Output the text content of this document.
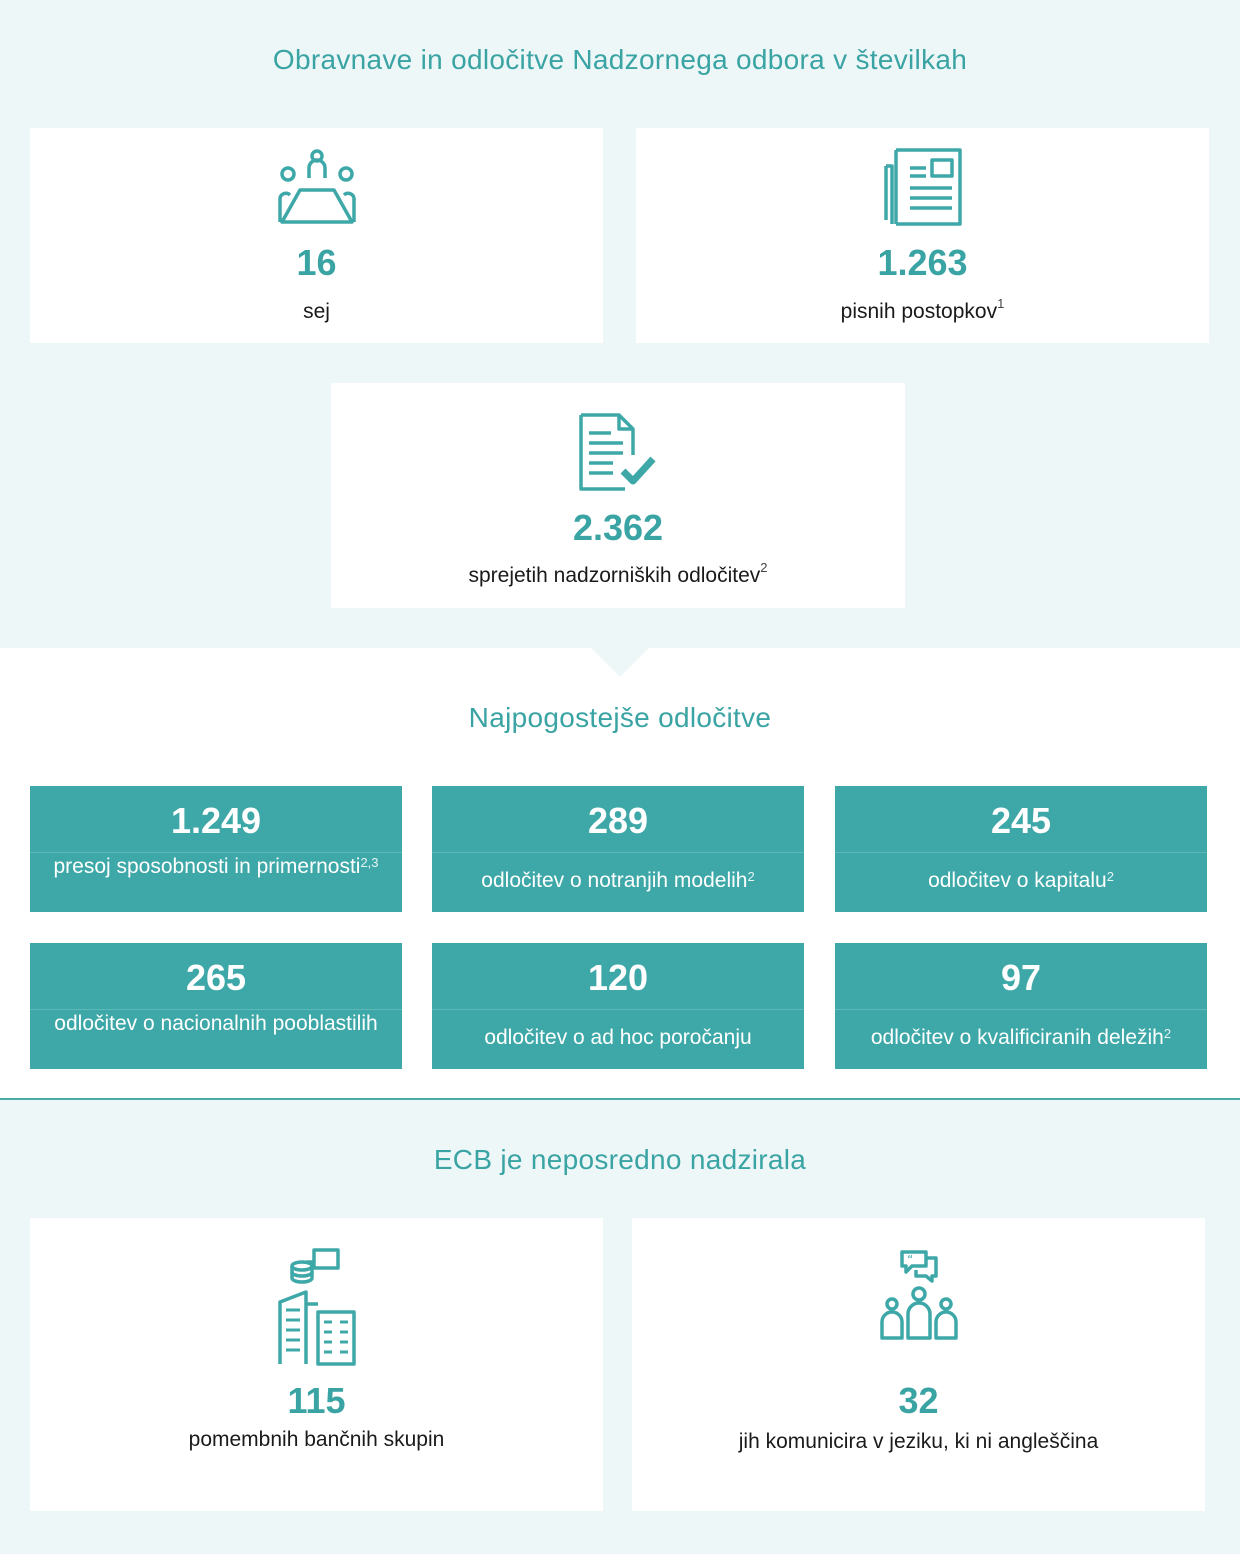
Obravnave in odločitve Nadzornega odbora v številkah
16
sej
1.263
pisnih postopkov$^1$
2.362
sprejetih nadzorniških odločitev$^2$
Najpogostejše odločitve
1.249
presoj sposobnosti in primernosti$^{2,3}$
289
odločitev o notranjih modelih$^2$
245
odločitev o kapitalu$^2$
265
odločitev o nacionalnih pooblastilih
120
odločitev o ad hoc poročanju
97
odločitev o kvalificiranih deležih$^2$
ECB je neposredno nadzirala
115
pomembnih bančnih skupin
“
32
jih komunicira v jeziku, ki ni angleščina
